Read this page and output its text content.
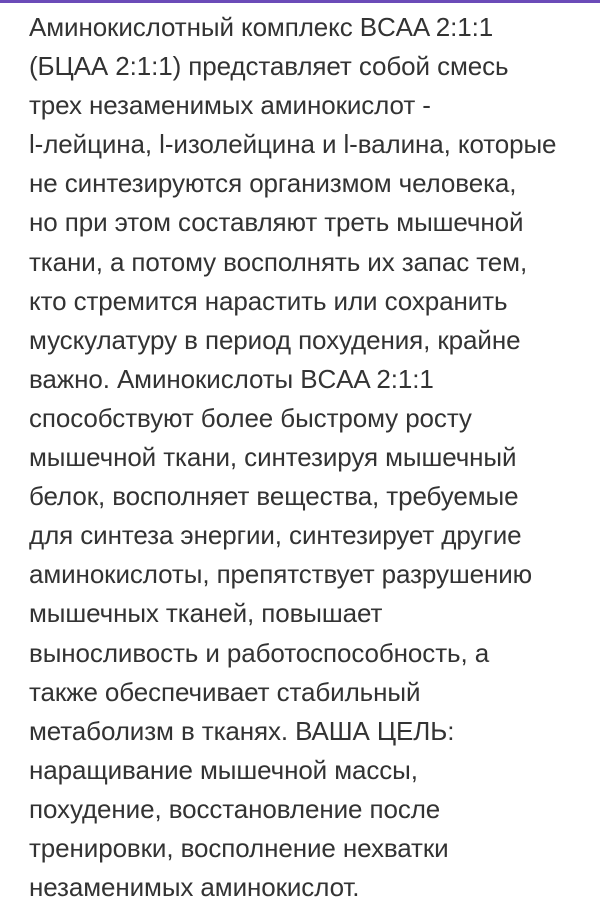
Аминокислотный комплекс BCAA 2:1:1
(БЦАА 2:1:1) представляет собой смесь
трех незаменимых аминокислот -
l-лейцина, l-изолейцина и l-валина, которые
не синтезируются организмом человека,
но при этом составляют треть мышечной
ткани, а потому восполнять их запас тем,
кто стремится нарастить или сохранить
мускулатуру в период похудения, крайне
важно. Аминокислоты BCAA 2:1:1
способствуют более быстрому росту
мышечной ткани, синтезируя мышечный
белок, восполняет вещества, требуемые
для синтеза энергии, синтезирует другие
аминокислоты, препятствует разрушению
мышечных тканей, повышает
выносливость и работоспособность, а
также обеспечивает стабильный
метаболизм в тканях. ВАША ЦЕЛЬ:
наращивание мышечной массы,
похудение, восстановление после
тренировки, восполнение нехватки
незаменимых аминокислот.
